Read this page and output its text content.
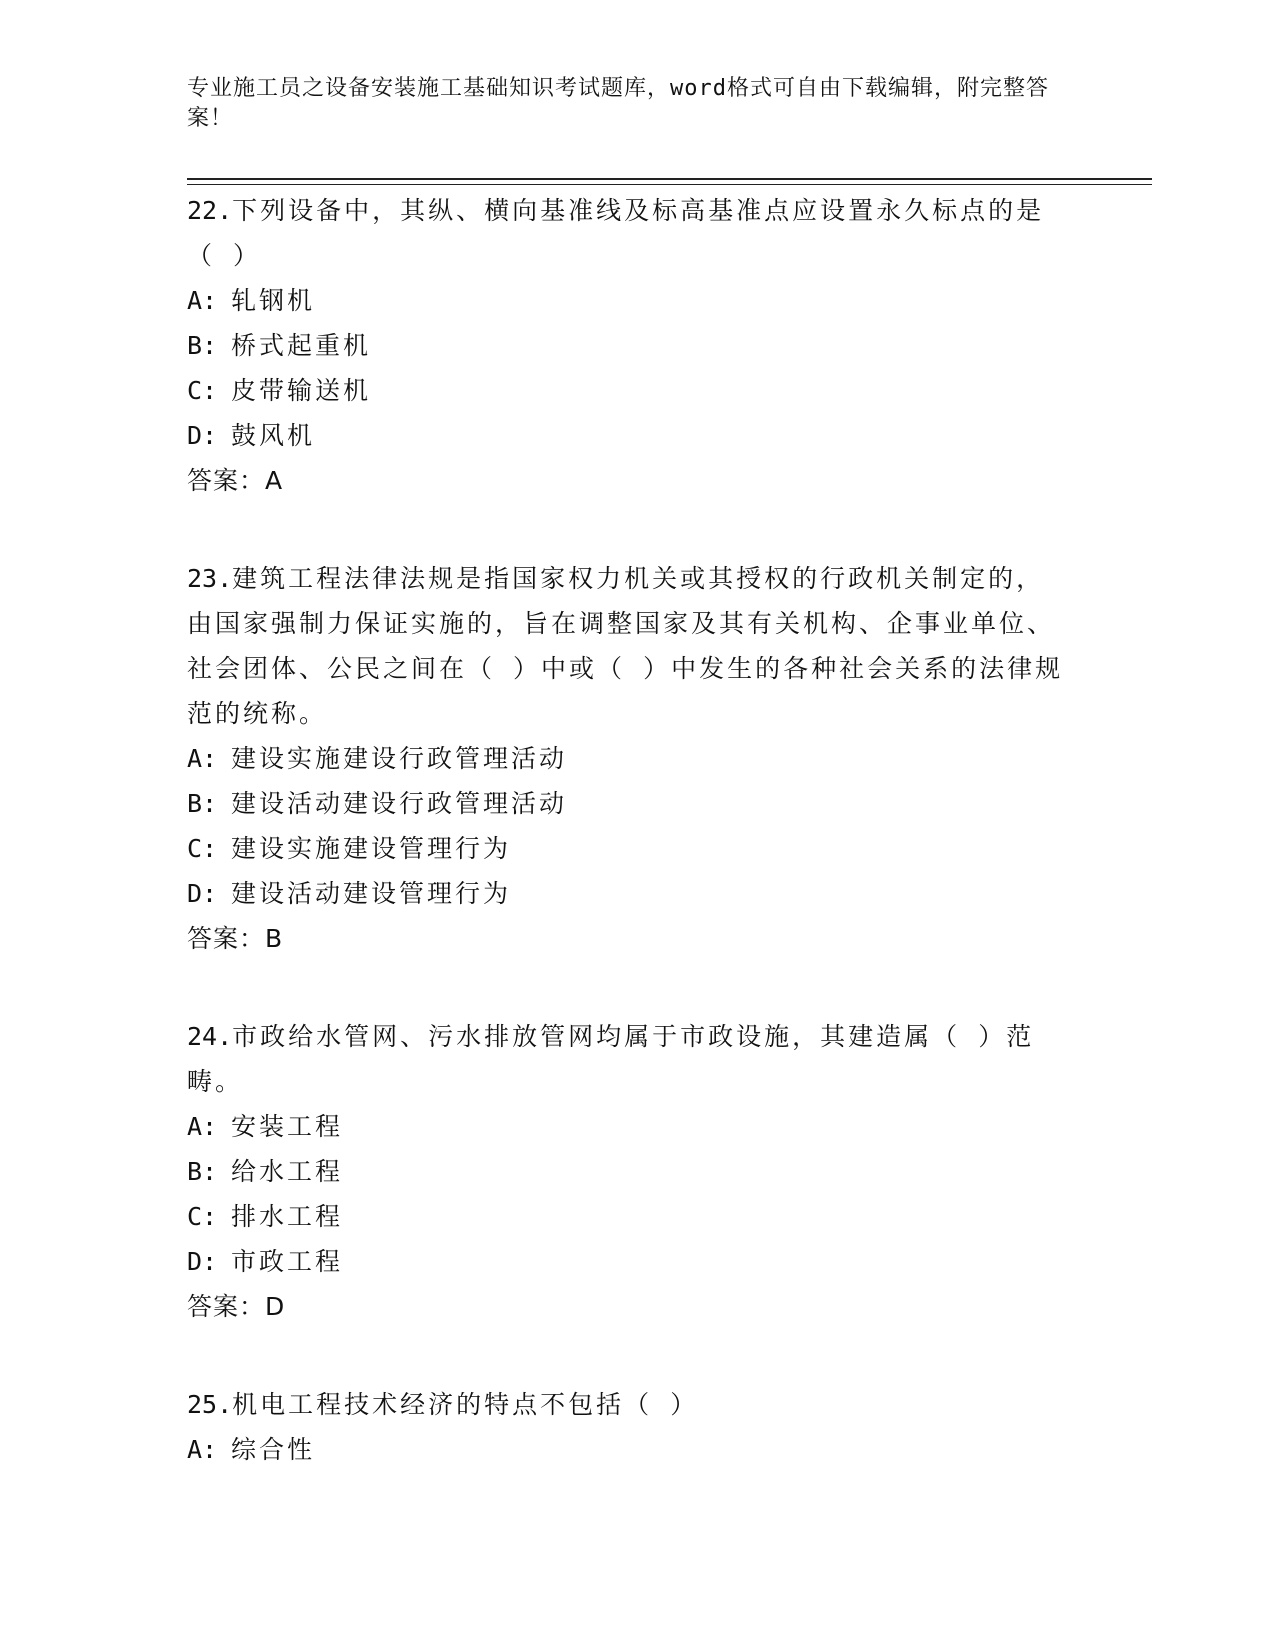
专业施工员之设备安装施工基础知识考试题库，word格式可自由下载编辑，附完整答案！

22.下列设备中，其纵、横向基准线及标高基准点应设置永久标点的是（ ）

A: 轧钢机

B: 桥式起重机

C: 皮带输送机

D: 鼓风机

答案：A

23.建筑工程法律法规是指国家权力机关或其授权的行政机关制定的，由国家强制力保证实施的，旨在调整国家及其有关机构、企事业单位、社会团体、公民之间在（ ）中或（ ）中发生的各种社会关系的法律规范的统称。

A: 建设实施建设行政管理活动

B: 建设活动建设行政管理活动

C: 建设实施建设管理行为

D: 建设活动建设管理行为

答案：B

24.市政给水管网、污水排放管网均属于市政设施，其建造属（ ）范畴。

A: 安装工程

B: 给水工程

C: 排水工程

D: 市政工程

答案：D

25.机电工程技术经济的特点不包括（ ）

A: 综合性
